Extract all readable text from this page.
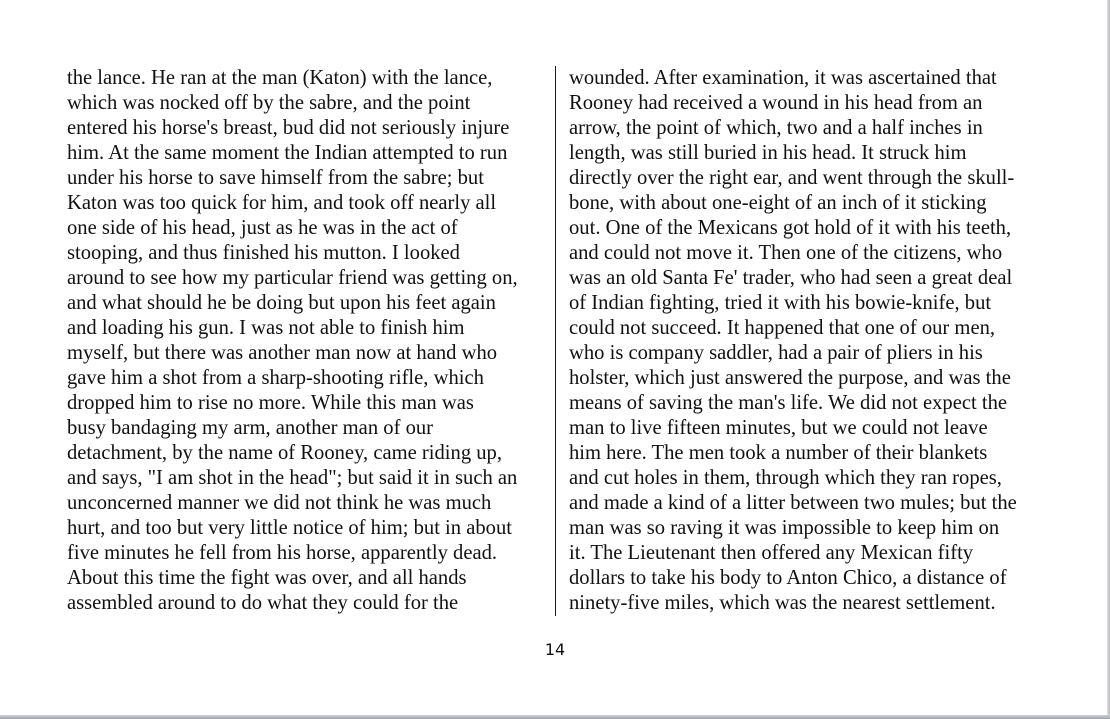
the lance. He ran at the man (Katon) with the lance,
which was nocked off by the sabre, and the point
entered his horse's breast, bud did not seriously injure
him. At the same moment the Indian attempted to run
under his horse to save himself from the sabre; but
Katon was too quick for him, and took off nearly all
one side of his head, just as he was in the act of
stooping, and thus finished his mutton. I looked
around to see how my particular friend was getting on,
and what should he be doing but upon his feet again
and loading his gun. I was not able to finish him
myself, but there was another man now at hand who
gave him a shot from a sharp-shooting rifle, which
dropped him to rise no more. While this man was
busy bandaging my arm, another man of our
detachment, by the name of Rooney, came riding up,
and says, "I am shot in the head"; but said it in such an
unconcerned manner we did not think he was much
hurt, and too but very little notice of him; but in about
five minutes he fell from his horse, apparently dead.
About this time the fight was over, and all hands
assembled around to do what they could for the
wounded. After examination, it was ascertained that
Rooney had received a wound in his head from an
arrow, the point of which, two and a half inches in
length, was still buried in his head. It struck him
directly over the right ear, and went through the skull-
bone, with about one-eight of an inch of it sticking
out. One of the Mexicans got hold of it with his teeth,
and could not move it. Then one of the citizens, who
was an old Santa Fe' trader, who had seen a great deal
of Indian fighting, tried it with his bowie-knife, but
could not succeed. It happened that one of our men,
who is company saddler, had a pair of pliers in his
holster, which just answered the purpose, and was the
means of saving the man's life. We did not expect the
man to live fifteen minutes, but we could not leave
him here. The men took a number of their blankets
and cut holes in them, through which they ran ropes,
and made a kind of a litter between two mules; but the
man was so raving it was impossible to keep him on
it. The Lieutenant then offered any Mexican fifty
dollars to take his body to Anton Chico, a distance of
ninety-five miles, which was the nearest settlement.
14
